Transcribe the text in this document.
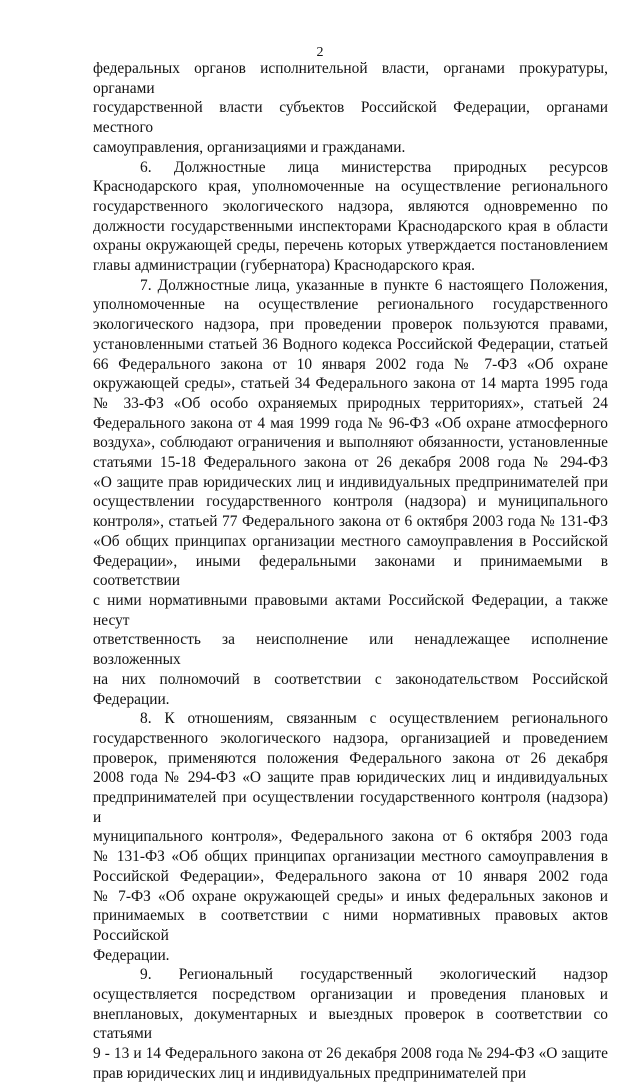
2
федеральных органов исполнительной власти, органами прокуратуры, органами
государственной власти субъектов Российской Федерации, органами местного
самоуправления, организациями и гражданами.
6. Должностные лица министерства природных ресурсов
Краснодарского края, уполномоченные на осуществление регионального
государственного экологического надзора, являются одновременно по
должности государственными инспекторами Краснодарского края в области
охраны окружающей среды, перечень которых утверждается постановлением
главы администрации (губернатора) Краснодарского края.
7. Должностные лица, указанные в пункте 6 настоящего Положения,
уполномоченные на осуществление регионального государственного
экологического надзора, при проведении проверок пользуются правами,
установленными статьей 36 Водного кодекса Российской Федерации, статьей
66 Федерального закона от 10 января 2002 года № 7-ФЗ «Об охране
окружающей среды», статьей 34 Федерального закона от 14 марта 1995 года
№ 33-ФЗ «Об особо охраняемых природных территориях», статьей 24
Федерального закона от 4 мая 1999 года № 96-ФЗ «Об охране атмосферного
воздуха», соблюдают ограничения и выполняют обязанности, установленные
статьями 15-18 Федерального закона от 26 декабря 2008 года № 294-ФЗ
«О защите прав юридических лиц и индивидуальных предпринимателей при
осуществлении государственного контроля (надзора) и муниципального
контроля», статьей 77 Федерального закона от 6 октября 2003 года № 131-ФЗ
«Об общих принципах организации местного самоуправления в Российской
Федерации», иными федеральными законами и принимаемыми в соответствии
с ними нормативными правовыми актами Российской Федерации, а также несут
ответственность за неисполнение или ненадлежащее исполнение возложенных
на них полномочий в соответствии с законодательством Российской
Федерации.
8. К отношениям, связанным с осуществлением регионального
государственного экологического надзора, организацией и проведением
проверок, применяются положения Федерального закона от 26 декабря
2008 года № 294-ФЗ «О защите прав юридических лиц и индивидуальных
предпринимателей при осуществлении государственного контроля (надзора) и
муниципального контроля», Федерального закона от 6 октября 2003 года
№ 131-ФЗ «Об общих принципах организации местного самоуправления в
Российской Федерации», Федерального закона от 10 января 2002 года
№ 7-ФЗ «Об охране окружающей среды» и иных федеральных законов и
принимаемых в соответствии с ними нормативных правовых актов Российской
Федерации.
9. Региональный государственный экологический надзор
осуществляется посредством организации и проведения плановых и
внеплановых, документарных и выездных проверок в соответствии со статьями
9 - 13 и 14 Федерального закона от 26 декабря 2008 года № 294-ФЗ «О защите
прав юридических лиц и индивидуальных предпринимателей при
